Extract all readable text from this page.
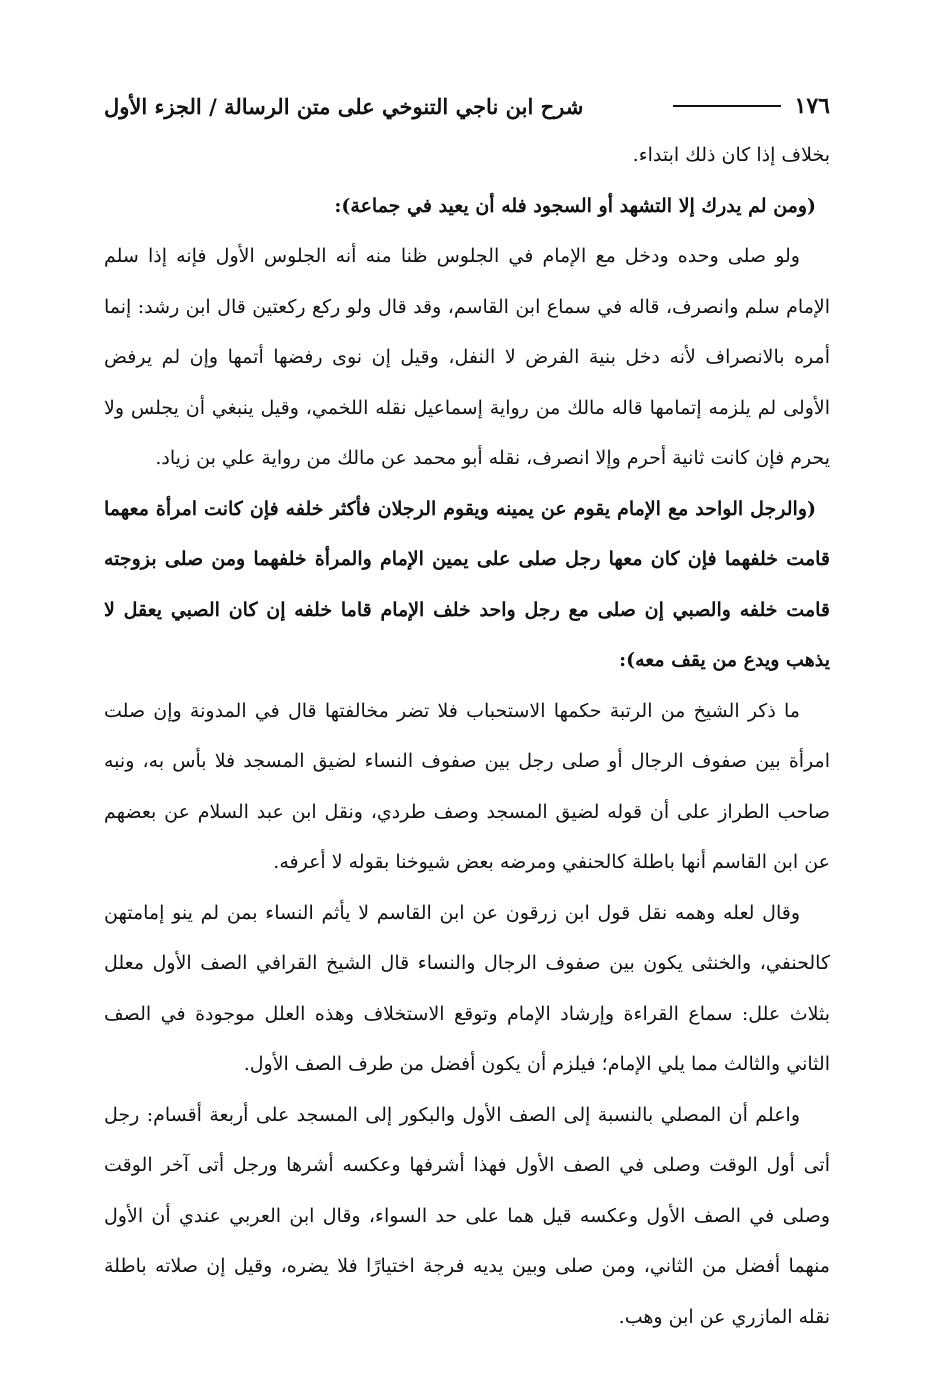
١٧٦
شرح ابن ناجي التنوخي على متن الرسالة / الجزء الأول

بخلاف إذا كان ذلك ابتداء.

(ومن لم يدرك إلا التشهد أو السجود فله أن يعيد في جماعة):

ولو صلى وحده ودخل مع الإمام في الجلوس ظنا منه أنه الجلوس الأول فإنه إذا سلم الإمام سلم وانصرف، قاله في سماع ابن القاسم، وقد قال ولو ركع ركعتين قال ابن رشد: إنما أمره بالانصراف لأنه دخل بنية الفرض لا النفل، وقيل إن نوى رفضها أتمها وإن لم يرفض الأولى لم يلزمه إتمامها قاله مالك من رواية إسماعيل نقله اللخمي، وقيل ينبغي أن يجلس ولا يحرم فإن كانت ثانية أحرم وإلا انصرف، نقله أبو محمد عن مالك من رواية علي بن زياد.

(والرجل الواحد مع الإمام يقوم عن يمينه ويقوم الرجلان فأكثر خلفه فإن كانت امرأة معهما قامت خلفهما فإن كان معها رجل صلى على يمين الإمام والمرأة خلفهما ومن صلى بزوجته قامت خلفه والصبي إن صلى مع رجل واحد خلف الإمام قاما خلفه إن كان الصبي يعقل لا يذهب ويدع من يقف معه):

ما ذكر الشيخ من الرتبة حكمها الاستحباب فلا تضر مخالفتها قال في المدونة وإن صلت امرأة بين صفوف الرجال أو صلى رجل بين صفوف النساء لضيق المسجد فلا بأس به، ونبه صاحب الطراز على أن قوله لضيق المسجد وصف طردي، ونقل ابن عبد السلام عن بعضهم عن ابن القاسم أنها باطلة كالحنفي ومرضه بعض شيوخنا بقوله لا أعرفه.

وقال لعله وهمه نقل قول ابن زرقون عن ابن القاسم لا يأثم النساء بمن لم ينو إمامتهن كالحنفي، والخنثى يكون بين صفوف الرجال والنساء قال الشيخ القرافي الصف الأول معلل بثلاث علل: سماع القراءة وإرشاد الإمام وتوقع الاستخلاف وهذه العلل موجودة في الصف الثاني والثالث مما يلي الإمام؛ فيلزم أن يكون أفضل من طرف الصف الأول.

واعلم أن المصلي بالنسبة إلى الصف الأول والبكور إلى المسجد على أربعة أقسام: رجل أتى أول الوقت وصلى في الصف الأول فهذا أشرفها وعكسه أشرها ورجل أتى آخر الوقت وصلى في الصف الأول وعكسه قيل هما على حد السواء، وقال ابن العربي عندي أن الأول منهما أفضل من الثاني، ومن صلى وبين يديه فرجة اختيارًا فلا يضره، وقيل إن صلاته باطلة نقله المازري عن ابن وهب.
